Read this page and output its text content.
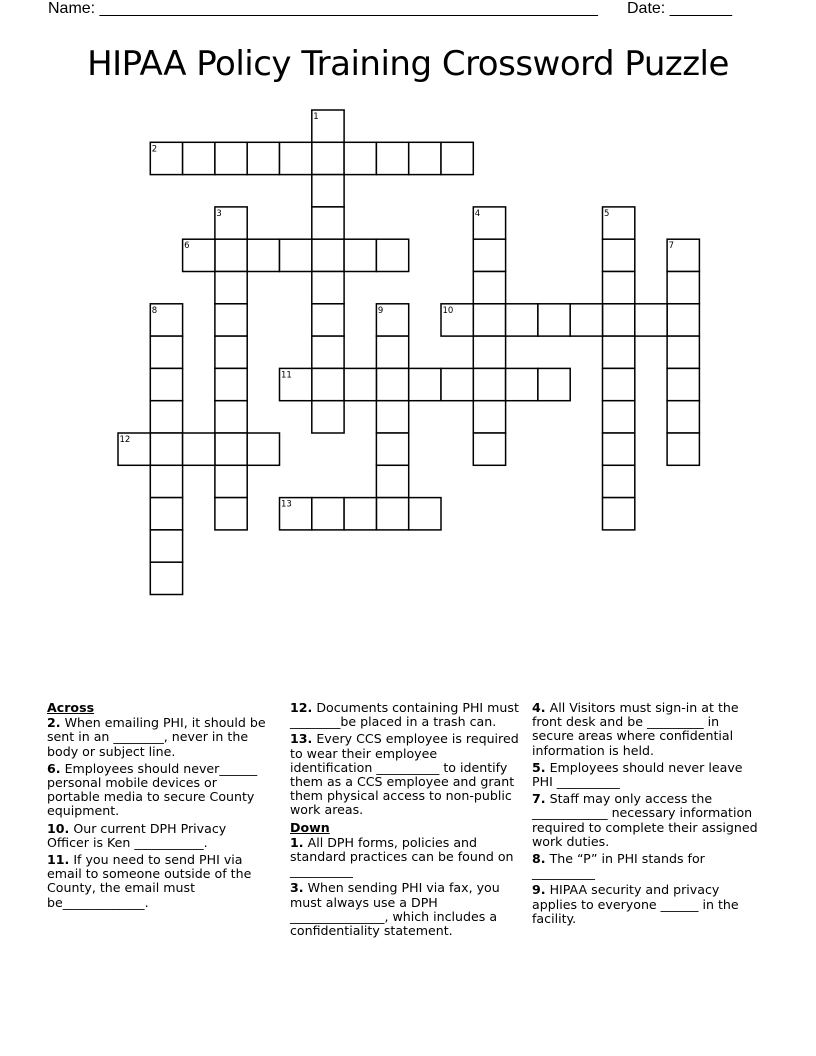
Name: ________________________________________________________ Date: _______
HIPAA Policy Training Crossword Puzzle
1
2
3	4	5
6	7
8	9	10
11
12
13
Across
2. When emailing PHI, it should be sent in an ________, never in the body or subject line.
6. Employees should never______ personal mobile devices or portable media to secure County equipment.
10. Our current DPH Privacy Officer is Ken ___________.
11. If you need to send PHI via email to someone outside of the County, the email must be_____________.
12. Documents containing PHI must ________be placed in a trash can.
13. Every CCS employee is required to wear their employee identification __________ to identify them as a CCS employee and grant them physical access to non-public work areas.
Down
1. All DPH forms, policies and standard practices can be found on __________
3. When sending PHI via fax, you must always use a DPH _______________, which includes a confidentiality statement.
4. All Visitors must sign-in at the front desk and be _________ in secure areas where confidential information is held.
5. Employees should never leave PHI __________
7. Staff may only access the ____________ necessary information required to complete their assigned work duties.
8. The “P” in PHI stands for __________
9. HIPAA security and privacy applies to everyone ______ in the facility.
